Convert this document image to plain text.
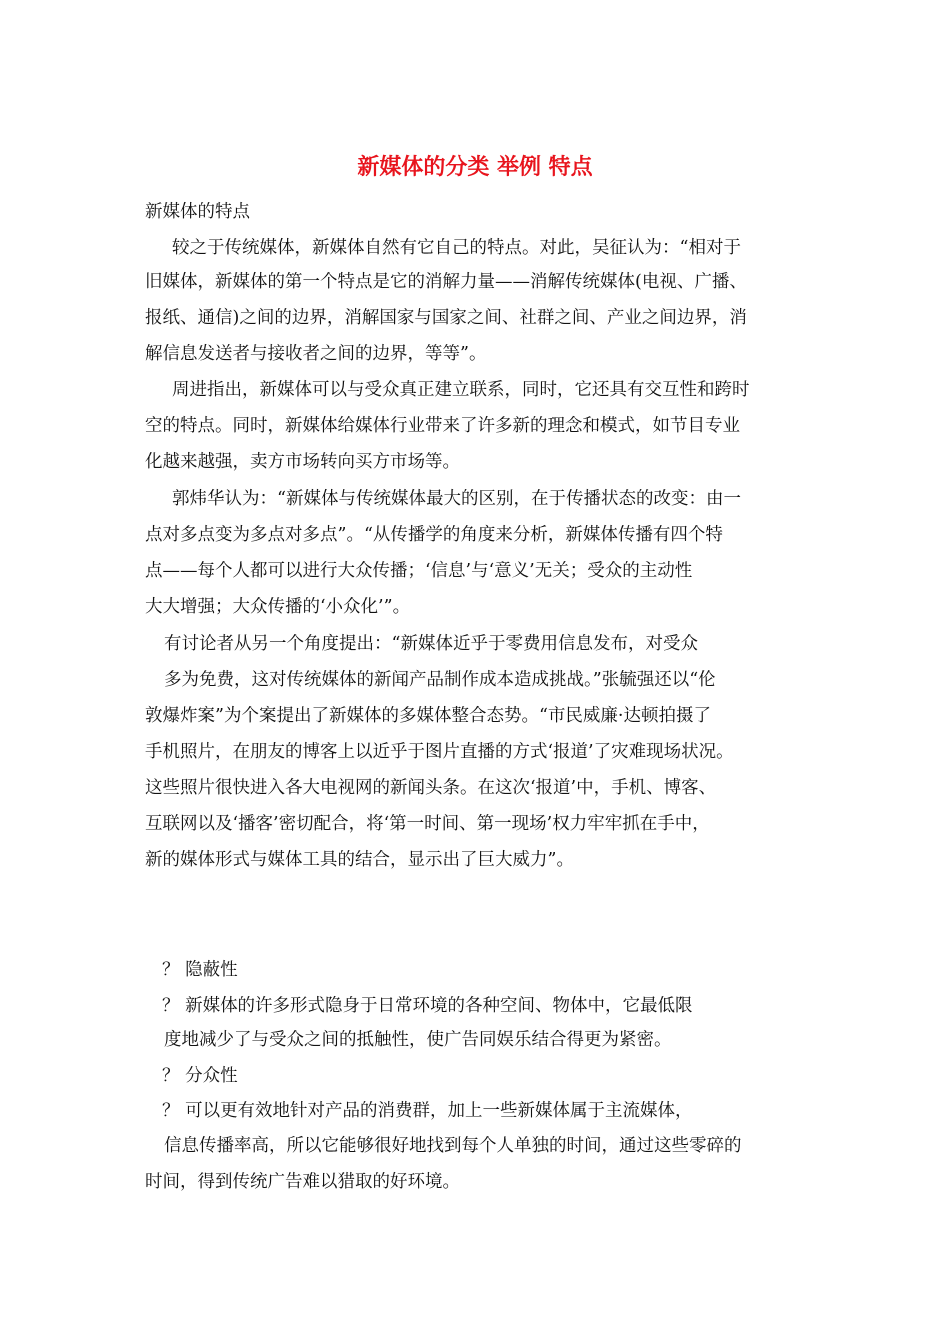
新媒体的分类 举例 特点
新媒体的特点
较之于传统媒体，新媒体自然有它自己的特点。对此，吴征认为：“相对于
旧媒体，新媒体的第一个特点是它的消解力量——消解传统媒体(电视、广播、
报纸、通信)之间的边界，消解国家与国家之间、社群之间、产业之间边界，消
解信息发送者与接收者之间的边界，等等”。
周进指出，新媒体可以与受众真正建立联系，同时，它还具有交互性和跨时
空的特点。同时，新媒体给媒体行业带来了许多新的理念和模式，如节目专业
化越来越强，卖方市场转向买方市场等。
郭炜华认为：“新媒体与传统媒体最大的区别，在于传播状态的改变：由一
点对多点变为多点对多点”。“从传播学的角度来分析，新媒体传播有四个特
点——每个人都可以进行大众传播；‘信息’与‘意义’无关；受众的主动性
大大增强；大众传播的‘小众化’”。
有讨论者从另一个角度提出：“新媒体近乎于零费用信息发布，对受众
多为免费，这对传统媒体的新闻产品制作成本造成挑战。”张毓强还以“伦
敦爆炸案”为个案提出了新媒体的多媒体整合态势。“市民威廉·达顿拍摄了
手机照片，在朋友的博客上以近乎于图片直播的方式‘报道’了灾难现场状况。
这些照片很快进入各大电视网的新闻头条。在这次‘报道’中，手机、博客、
互联网以及‘播客’密切配合，将‘第一时间、第一现场’权力牢牢抓在手中，
新的媒体形式与媒体工具的结合，显示出了巨大威力”。
？ 隐蔽性
？ 新媒体的许多形式隐身于日常环境的各种空间、物体中，它最低限
度地减少了与受众之间的抵触性，使广告同娱乐结合得更为紧密。
？ 分众性
？ 可以更有效地针对产品的消费群，加上一些新媒体属于主流媒体，
信息传播率高，所以它能够很好地找到每个人单独的时间，通过这些零碎的
时间，得到传统广告难以猎取的好环境。
